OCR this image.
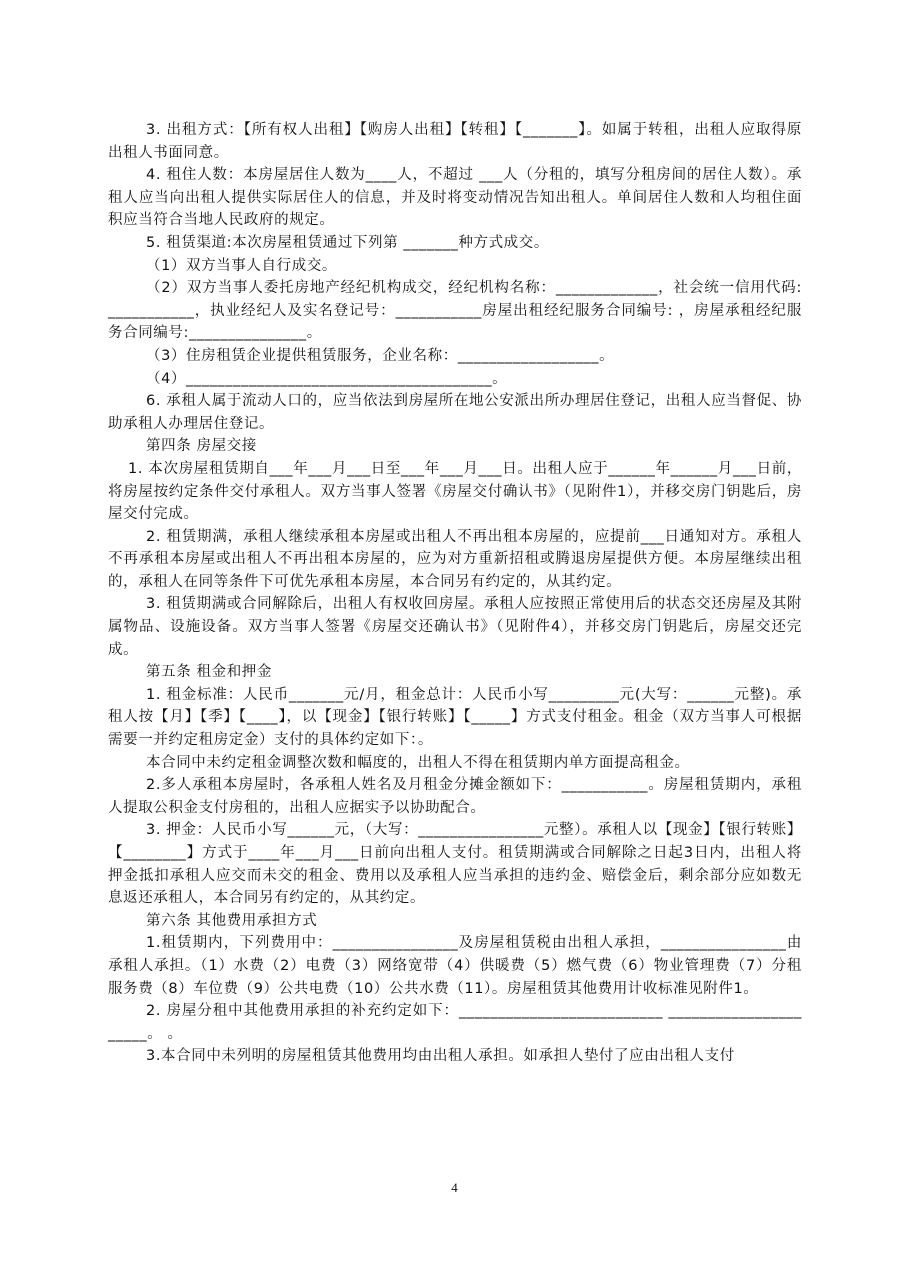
3. 出租方式：【所有权人出租】【购房人出租】【转租】【_______】。如属于转租，出租人应取得原出租人书面同意。

4. 租住人数：本房屋居住人数为____人，不超过 ___人（分租的，填写分租房间的居住人数）。承租人应当向出租人提供实际居住人的信息，并及时将变动情况告知出租人。单间居住人数和人均租住面积应当符合当地人民政府的规定。

5. 租赁渠道:本次房屋租赁通过下列第 _______种方式成交。

（1）双方当事人自行成交。

（2）双方当事人委托房地产经纪机构成交，经纪机构名称：_____________，社会统一信用代码: ___________，执业经纪人及实名登记号：___________房屋出租经纪服务合同编号: ，房屋承租经纪服务合同编号:_______________。

（3）住房租赁企业提供租赁服务，企业名称：__________________。

（4）_______________________________________。

6. 承租人属于流动人口的，应当依法到房屋所在地公安派出所办理居住登记，出租人应当督促、协助承租人办理居住登记。

第四条 房屋交接

1. 本次房屋租赁期自___年___月___日至___年___月___日。出租人应于______年______月___日前，将房屋按约定条件交付承租人。双方当事人签署《房屋交付确认书》（见附件1），并移交房门钥匙后，房屋交付完成。

2. 租赁期满，承租人继续承租本房屋或出租人不再出租本房屋的，应提前___日通知对方。承租人不再承租本房屋或出租人不再出租本房屋的，应为对方重新招租或腾退房屋提供方便。本房屋继续出租的，承租人在同等条件下可优先承租本房屋，本合同另有约定的，从其约定。

3. 租赁期满或合同解除后，出租人有权收回房屋。承租人应按照正常使用后的状态交还房屋及其附属物品、设施设备。双方当事人签署《房屋交还确认书》（见附件4），并移交房门钥匙后，房屋交还完成。

第五条 租金和押金

1. 租金标准：人民币_______元/月，租金总计：人民币小写_________元(大写：______元整)。承租人按【月】【季】【____】，以【现金】【银行转账】【_____】方式支付租金。租金（双方当事人可根据需要一并约定租房定金）支付的具体约定如下：。

本合同中未约定租金调整次数和幅度的，出租人不得在租赁期内单方面提高租金。

2.多人承租本房屋时，各承租人姓名及月租金分摊金额如下：___________。房屋租赁期内，承租人提取公积金支付房租的，出租人应据实予以协助配合。

3. 押金：人民币小写______元，（大写：________________元整）。承租人以【现金】【银行转账】【________】方式于____年___月___日前向出租人支付。租赁期满或合同解除之日起3日内，出租人将押金抵扣承租人应交而未交的租金、费用以及承租人应当承担的违约金、赔偿金后，剩余部分应如数无息返还承租人，本合同另有约定的，从其约定。

第六条 其他费用承担方式

1.租赁期内，下列费用中：________________及房屋租赁税由出租人承担，________________由承租人承担。（1）水费（2）电费（3）网络宽带（4）供暖费（5）燃气费（6）物业管理费（7）分租服务费（8）车位费（9）公共电费（10）公共水费（11）。房屋租赁其他费用计收标准见附件1。

2. 房屋分租中其他费用承担的补充约定如下：__________________________ ______________________。 。

3.本合同中未列明的房屋租赁其他费用均由出租人承担。如承担人垫付了应由出租人支付

4
